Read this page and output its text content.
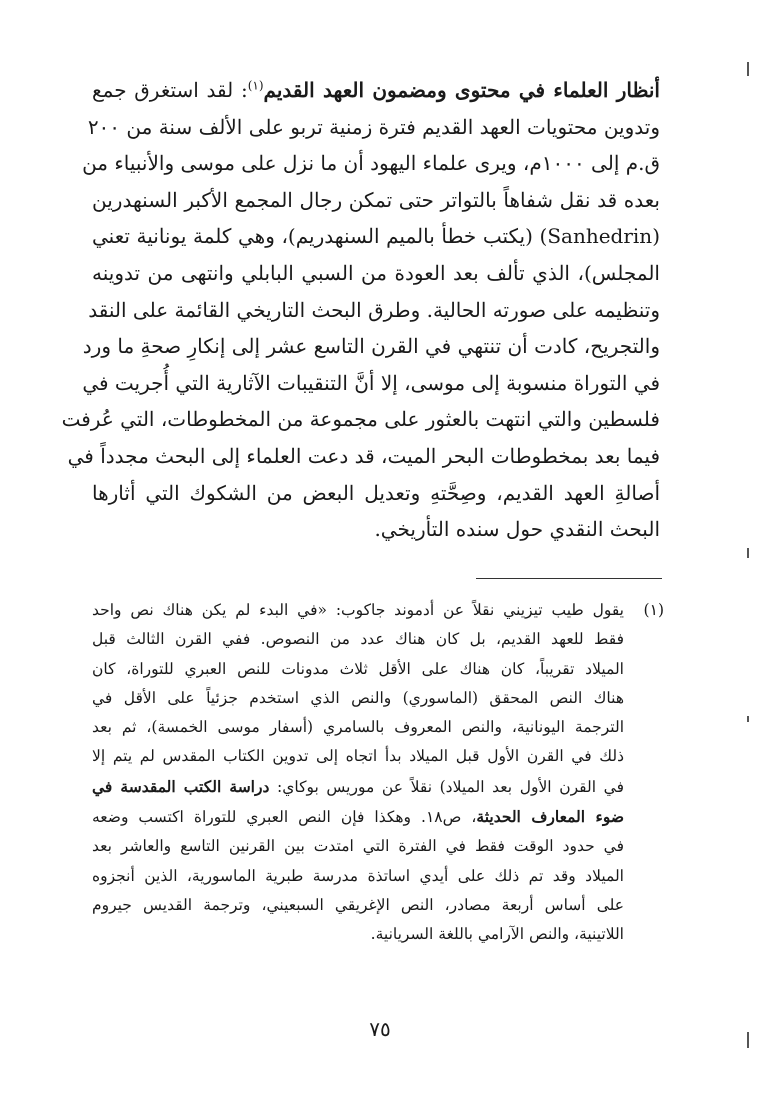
أنظار العلماء في محتوى ومضمون العهد القديم$^{(١)}$: لقد استغرق جمع
وتدوين محتويات العهد القديم فترة زمنية تربو على الألف سنة من ٢٠٠
ق.م إلى ١٠٠٠م، ويرى علماء اليهود أن ما نزل على موسى والأنبياء من
بعده قد نقل شفاهاً بالتواتر حتى تمكن رجال المجمع الأكبر السنهدرين
(Sanhedrin) (يكتب خطأ بالميم السنهدريم)، وهي كلمة يونانية تعني
المجلس)، الذي تألف بعد العودة من السبي البابلي وانتهى من تدوينه
وتنظيمه على صورته الحالية. وطرق البحث التاريخي القائمة على النقد
والتجريح، كادت أن تنتهي في القرن التاسع عشر إلى إنكارِ صحةِ ما ورد
في التوراة منسوبة إلى موسى، إلا أنَّ التنقيبات الآثارية التي أُجريت في
فلسطين والتي انتهت بالعثور على مجموعة من المخطوطات، التي عُرفت
فيما بعد بمخطوطات البحر الميت، قد دعت العلماء إلى البحث مجدداً في
أصالةِ العهد القديم، وصِحَّتهِ وتعديل البعض من الشكوك التي أثارها
البحث النقدي حول سنده التأريخي.
(١)
يقول طيب تيزيني نقلاً عن أدموند جاكوب: «في البدء لم يكن هناك نص واحد
فقط للعهد القديم، بل كان هناك عدد من النصوص. ففي القرن الثالث قبل
الميلاد تقريباً، كان هناك على الأقل ثلاث مدونات للنص العبري للتوراة، كان
هناك النص المحقق (الماسوري) والنص الذي استخدم جزئياً على الأقل في
الترجمة اليونانية، والنص المعروف بالسامري (أسفار موسى الخمسة)، ثم بعد
ذلك في القرن الأول قبل الميلاد بدأ اتجاه إلى تدوين الكتاب المقدس لم يتم إلا
في القرن الأول بعد الميلاد) نقلاً عن موريس بوكاي: دراسة الكتب المقدسة في
ضوء المعارف الحديثة، ص١٨. وهكذا فإن النص العبري للتوراة اكتسب وضعه
في حدود الوقت فقط في الفترة التي امتدت بين القرنين التاسع والعاشر بعد
الميلاد وقد تم ذلك على أيدي اساتذة مدرسة طبرية الماسورية، الذين أنجزوه
على أساس أربعة مصادر، النص الإغريقي السبعيني، وترجمة القديس جيروم
اللاتينية، والنص الآرامي باللغة السريانية.
٧٥
